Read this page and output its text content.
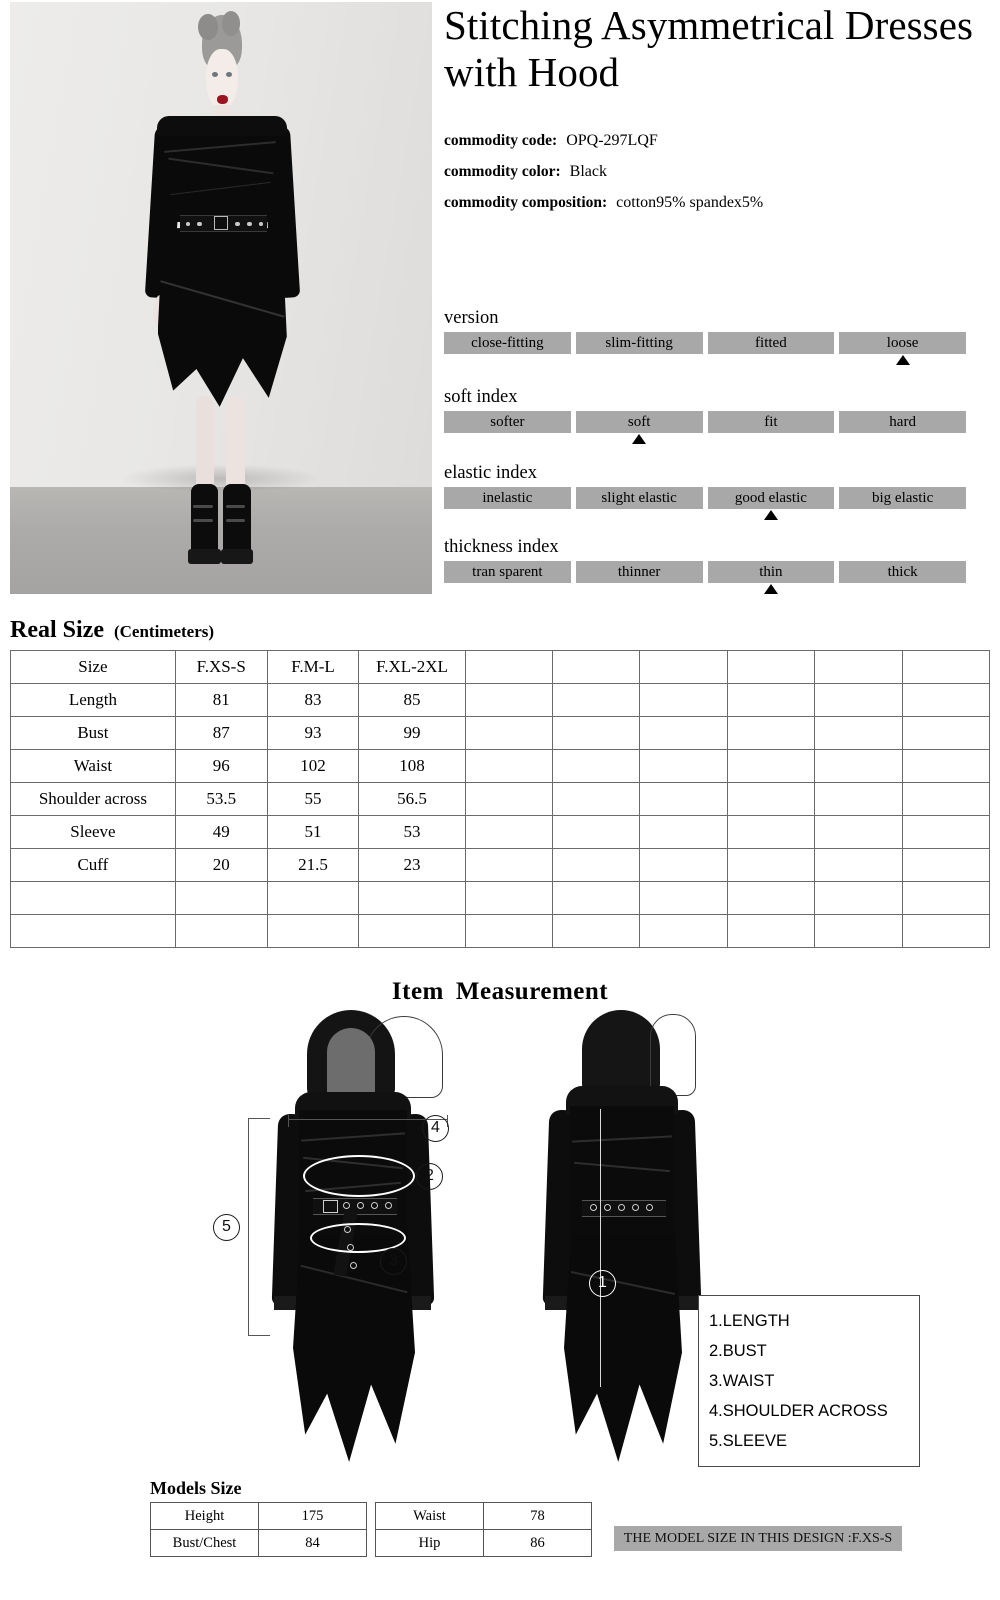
Stitching Asymmetrical Dresses with Hood
commodity code: OPQ-297LQF
commodity color: Black
commodity composition: cotton95% spandex5%
version
close-fitting	slim-fitting	fitted	loose
soft index
softer	soft	fit	hard
elastic index
inelastic	slight elastic	good elastic	big elastic
thickness index
tran sparent	thinner	thin	thick
Real Size (Centimeters)
Size	F.XS-S	F.M-L	F.XL-2XL						
Length	81	83	85						
Bust	87	93	99						
Waist	96	102	108						
Shoulder across	53.5	55	56.5						
Sleeve	49	51	53						
Cuff	20	21.5	23						

Item Measurement
4
2
3
5
1
1.LENGTH
2.BUST
3.WAIST
4.SHOULDER ACROSS
5.SLEEVE
Models Size
Height	175
Bust/Chest	84
Waist	78
Hip	86	THE MODEL SIZE IN THIS DESIGN :F.XS-S
